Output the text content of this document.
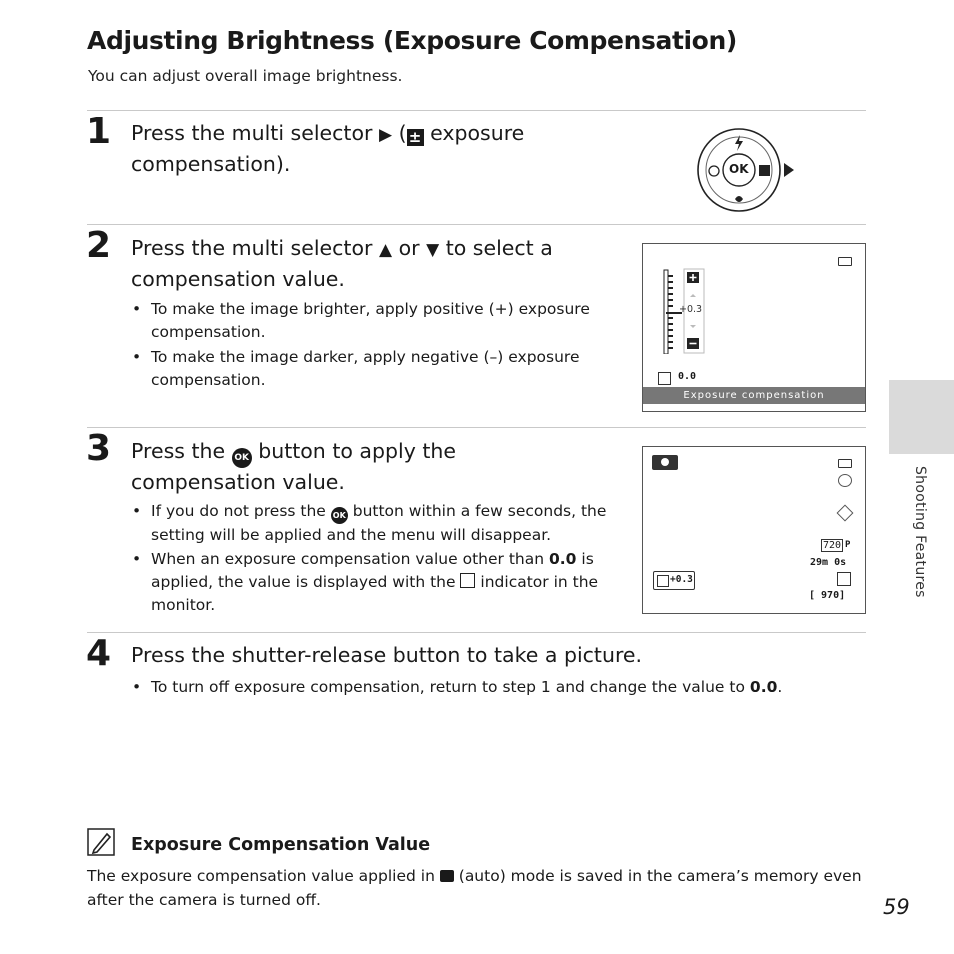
Adjusting Brightness (Exposure Compensation)
You can adjust overall image brightness.
1 Press the multi selector ▶ ( ± exposure
compensation).	OK
2 Press the multi selector ▲ or ▼ to select a
compensation value.
• To make the image brighter, apply positive (+) exposure
compensation.
• To make the image darker, apply negative (–) exposure
compensation.
+0.3
0.0
Exposure compensation
3 Press the OK button to apply the
compensation value.
• If you do not press the OK button within a few seconds, the
setting will be applied and the menu will disappear.
• When an exposure compensation value other than 0.0 is
applied, the value is displayed with the indicator in the
monitor.
720 P
29m 0s
[ 970]
+0.3
4 Press the shutter-release button to take a picture.
• To turn off exposure compensation, return to step 1 and change the value to 0.0.
Shooting Features
Exposure Compensation Value
The exposure compensation value applied in (auto) mode is saved in the camera’s memory even after the camera is turned off.	59
